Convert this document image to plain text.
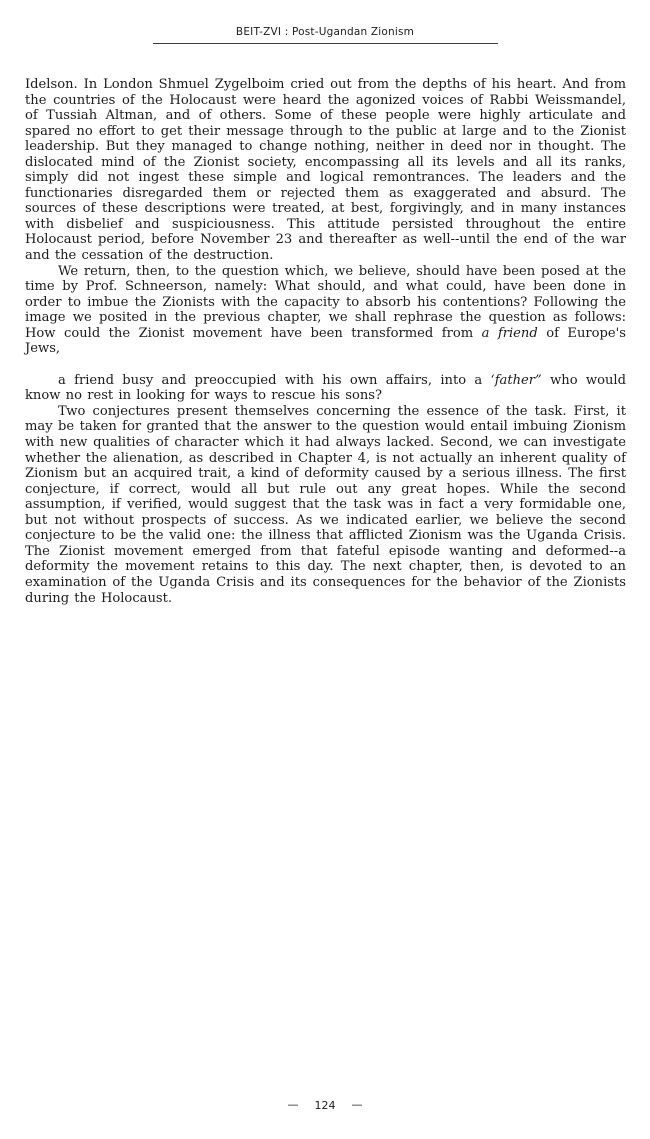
BEIT-ZVI : Post-Ugandan Zionism

Idelson. In London Shmuel Zygelboim cried out from the depths of his heart. And from the countries of the Holocaust were heard the agonized voices of Rabbi Weissmandel, of Tussiah Altman, and of others. Some of these people were highly articulate and spared no effort to get their message through to the public at large and to the Zionist leadership. But they managed to change nothing, neither in deed nor in thought. The dislocated mind of the Zionist society, encompassing all its levels and all its ranks, simply did not ingest these simple and logical remontrances. The leaders and the functionaries disregarded them or rejected them as exaggerated and absurd. The sources of these descriptions were treated, at best, forgivingly, and in many instances with disbelief and suspiciousness. This attitude persisted throughout the entire Holocaust period, before November 23 and thereafter as well--until the end of the war and the cessation of the destruction.

We return, then, to the question which, we believe, should have been posed at the time by Prof. Schneerson, namely: What should, and what could, have been done in order to imbue the Zionists with the capacity to absorb his contentions? Following the image we posited in the previous chapter, we shall rephrase the question as follows: How could the Zionist movement have been transformed from a friend of Europe's Jews,

a friend busy and preoccupied with his own affairs, into a ‘father” who would know no rest in looking for ways to rescue his sons?

Two conjectures present themselves concerning the essence of the task. First, it may be taken for granted that the answer to the question would entail imbuing Zionism with new qualities of character which it had always lacked. Second, we can investigate whether the alienation, as described in Chapter 4, is not actually an inherent quality of Zionism but an acquired trait, a kind of deformity caused by a serious illness. The first conjecture, if correct, would all but rule out any great hopes. While the second assumption, if verified, would suggest that the task was in fact a very formidable one, but not without prospects of success. As we indicated earlier, we believe the second conjecture to be the valid one: the illness that afflicted Zionism was the Uganda Crisis. The Zionist movement emerged from that fateful episode wanting and deformed--a deformity the movement retains to this day. The next chapter, then, is devoted to an examination of the Uganda Crisis and its consequences for the behavior of the Zionists during the Holocaust.

— 124 —
